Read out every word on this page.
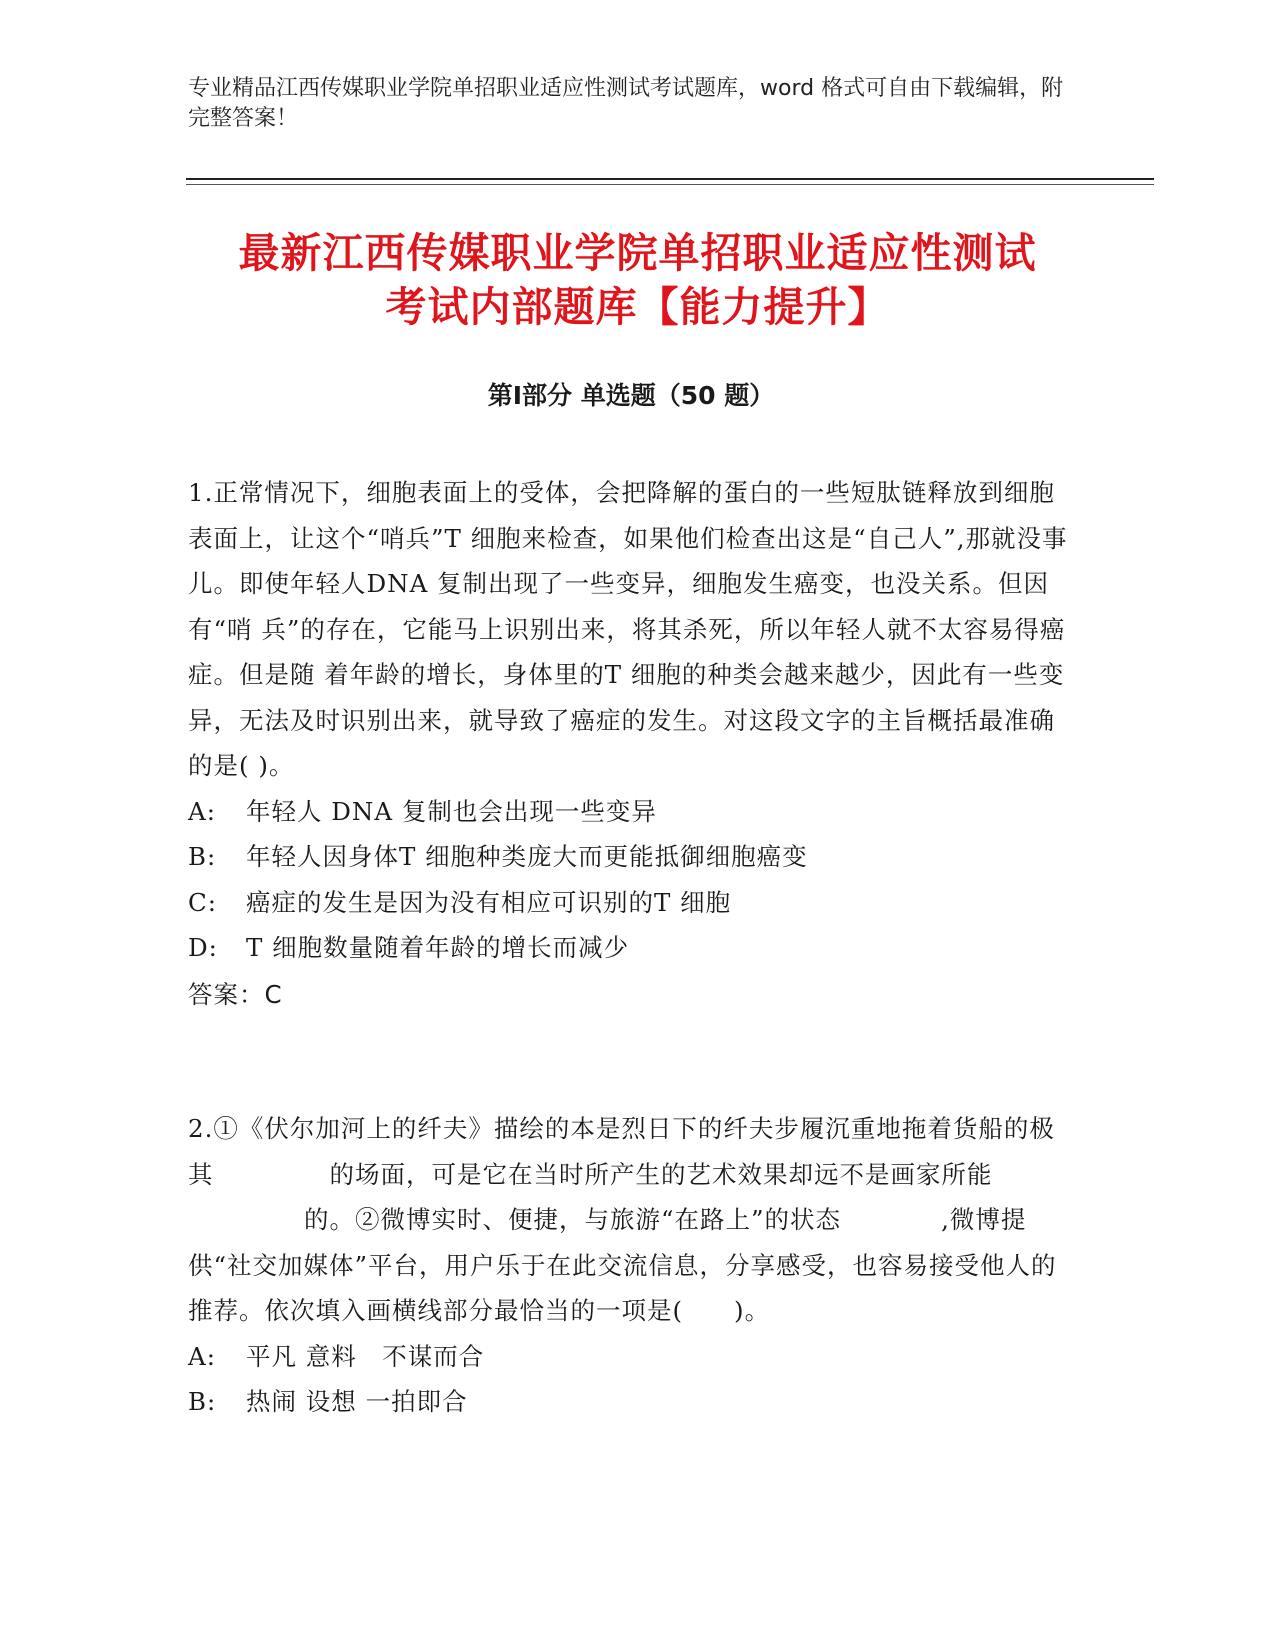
专业精品江西传媒职业学院单招职业适应性测试考试题库，word 格式可自由下载编辑，附完整答案！
最新江西传媒职业学院单招职业适应性测试
考试内部题库【能力提升】
第Ⅰ部分 单选题（50 题）

1.正常情况下，细胞表面上的受体，会把降解的蛋白的一些短肽链释放到细胞 表面上，让这个“哨兵”T 细胞来检查，如果他们检查出这是“自己人”,那就没事 儿。即使年轻人DNA 复制出现了一些变异，细胞发生癌变，也没关系。但因有“哨 兵”的存在，它能马上识别出来，将其杀死，所以年轻人就不太容易得癌症。但是随 着年龄的增长，身体里的T 细胞的种类会越来越少，因此有一些变异，无法及时识别出来，就导致了癌症的发生。对这段文字的主旨概括最准确的是( )。

A:	年轻人 DNA 复制也会出现一些变异

B:	年轻人因身体T 细胞种类庞大而更能抵御细胞癌变

C:	癌症的发生是因为没有相应可识别的T 细胞

D:	T 细胞数量随着年龄的增长而减少

答案：C

2.①《伏尔加河上的纤夫》描绘的本是烈日下的纤夫步履沉重地拖着货船的极其	的场面，可是它在当时所产生的艺术效果却远不是画家所能的。②微博实时、便捷，与旅游“在路上”的状态	,微博提供“社交加媒体”平台，用户乐于在此交流信息，分享感受，也容易接受他人的推荐。依次填入画横线部分最恰当的一项是(　　)。

A:	平凡 意料　不谋而合

B:	热闹 设想 一拍即合
